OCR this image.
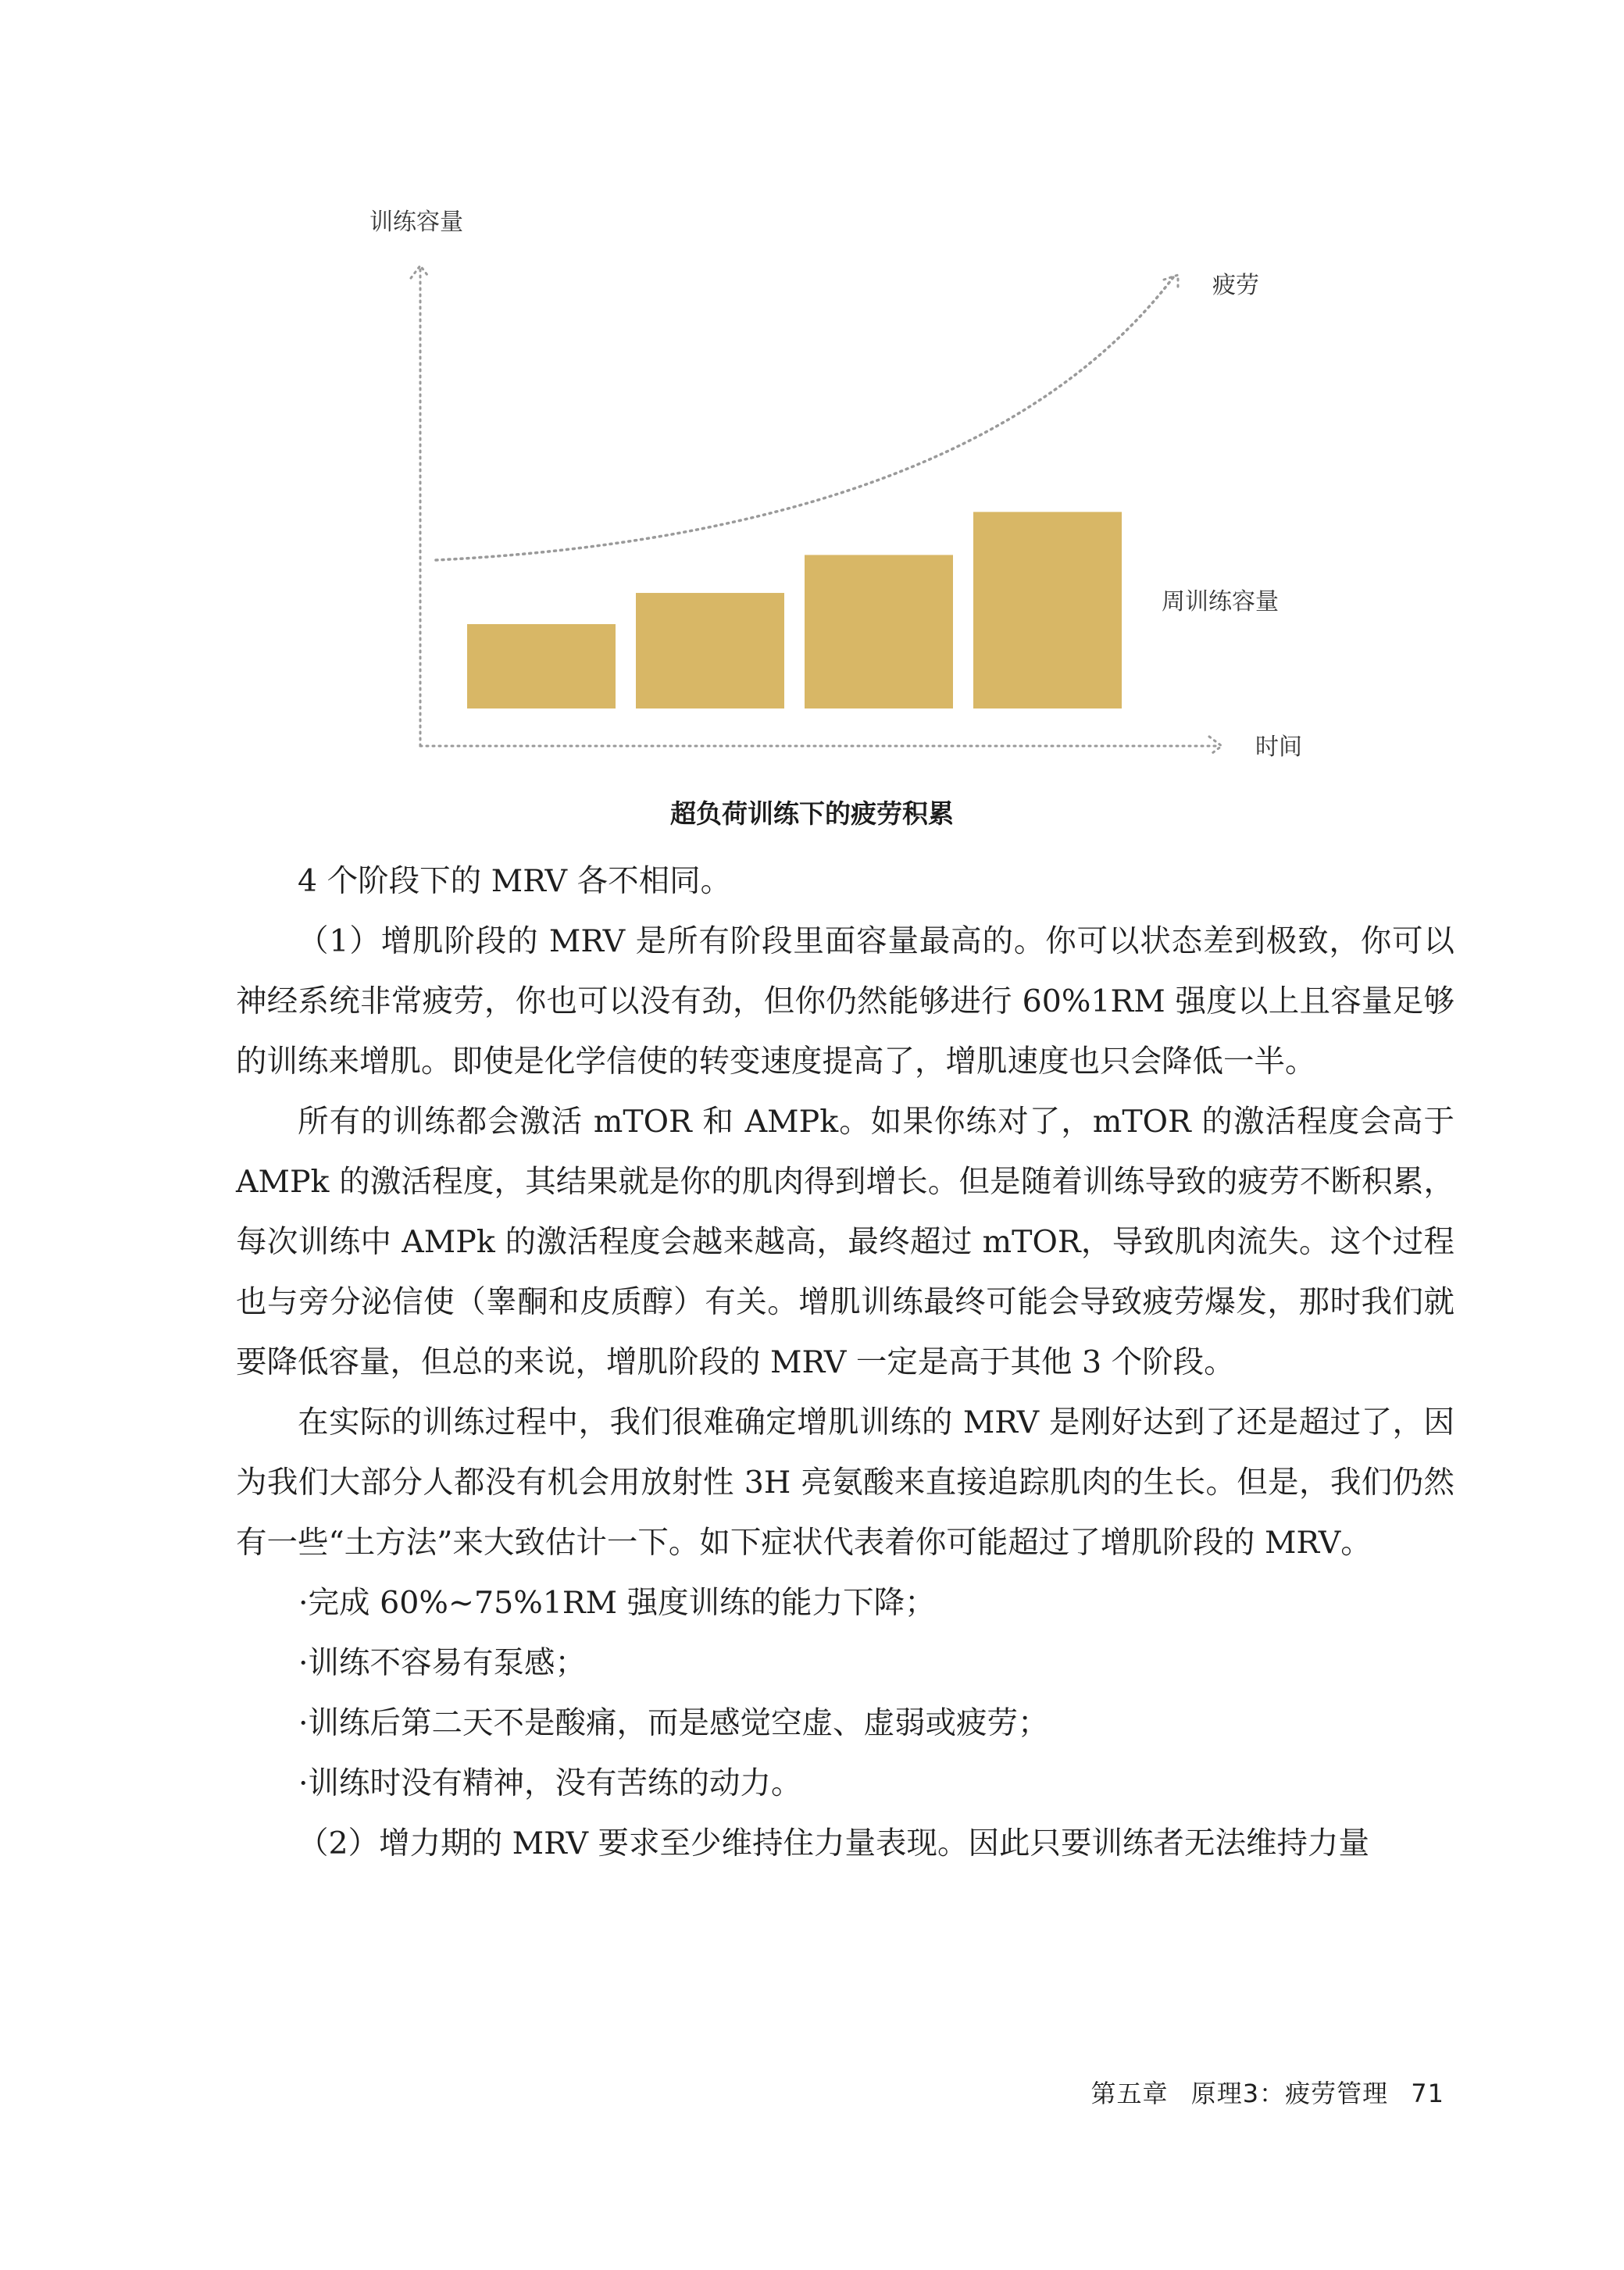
训练容量
疲劳
周训练容量
时间
超负荷训练下的疲劳积累

4 个阶段下的 MRV 各不相同。

（1）增肌阶段的 MRV 是所有阶段里面容量最高的。你可以状态差到极致，你可以神经系统非常疲劳，你也可以没有劲，但你仍然能够进行 60%1RM 强度以上且容量足够的训练来增肌。即使是化学信使的转变速度提高了，增肌速度也只会降低一半。

所有的训练都会激活 mTOR 和 AMPk。如果你练对了，mTOR 的激活程度会高于 AMPk 的激活程度，其结果就是你的肌肉得到增长。但是随着训练导致的疲劳不断积累，每次训练中 AMPk 的激活程度会越来越高，最终超过 mTOR，导致肌肉流失。这个过程也与旁分泌信使（睾酮和皮质醇）有关。增肌训练最终可能会导致疲劳爆发，那时我们就要降低容量，但总的来说，增肌阶段的 MRV 一定是高于其他 3 个阶段。

在实际的训练过程中，我们很难确定增肌训练的 MRV 是刚好达到了还是超过了，因为我们大部分人都没有机会用放射性 3H 亮氨酸来直接追踪肌肉的生长。但是，我们仍然有一些“土方法”来大致估计一下。如下症状代表着你可能超过了增肌阶段的 MRV。

·完成 60%~75%1RM 强度训练的能力下降；

·训练不容易有泵感；

·训练后第二天不是酸痛，而是感觉空虚、虚弱或疲劳；

·训练时没有精神，没有苦练的动力。

（2）增力期的 MRV 要求至少维持住力量表现。因此只要训练者无法维持力量

第五章 原理3：疲劳管理 71
